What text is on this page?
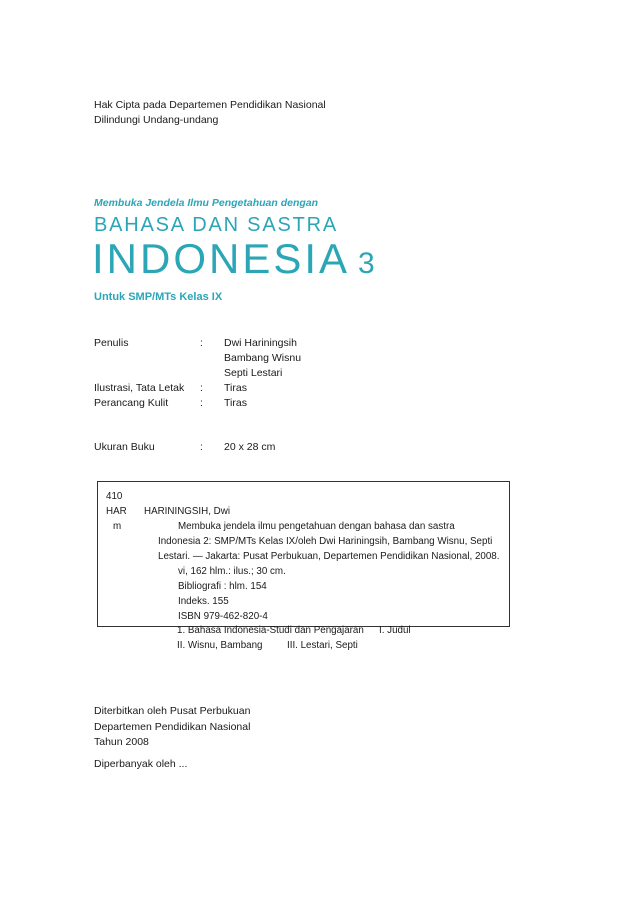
Hak Cipta pada Departemen Pendidikan Nasional
Dilindungi Undang-undang
Membuka Jendela Ilmu Pengetahuan dengan
BAHASA DAN SASTRA
INDONESIA 3
Untuk SMP/MTs Kelas IX
Penulis	:	Dwi Hariningsih
Bambang Wisnu
Septi Lestari
Ilustrasi, Tata Letak	:	Tiras
Perancang Kulit	:	Tiras
Ukuran Buku	:	20 x 28 cm
410
HAR
m
HARININGSIH, Dwi
Membuka jendela ilmu pengetahuan dengan bahasa dan sastra
Indonesia 2: SMP/MTs Kelas IX/oleh Dwi Hariningsih, Bambang Wisnu, Septi
Lestari. — Jakarta: Pusat Perbukuan, Departemen Pendidikan Nasional, 2008.
vi, 162 hlm.: ilus.; 30 cm.
Bibliografi : hlm. 154
Indeks. 155
ISBN 979-462-820-4
1. Bahasa Indonesia-Studi dan Pengajaran	I. Judul
II. Wisnu, Bambang	III. Lestari, Septi
Diterbitkan oleh Pusat Perbukuan
Departemen Pendidikan Nasional
Tahun 2008
Diperbanyak oleh ...
